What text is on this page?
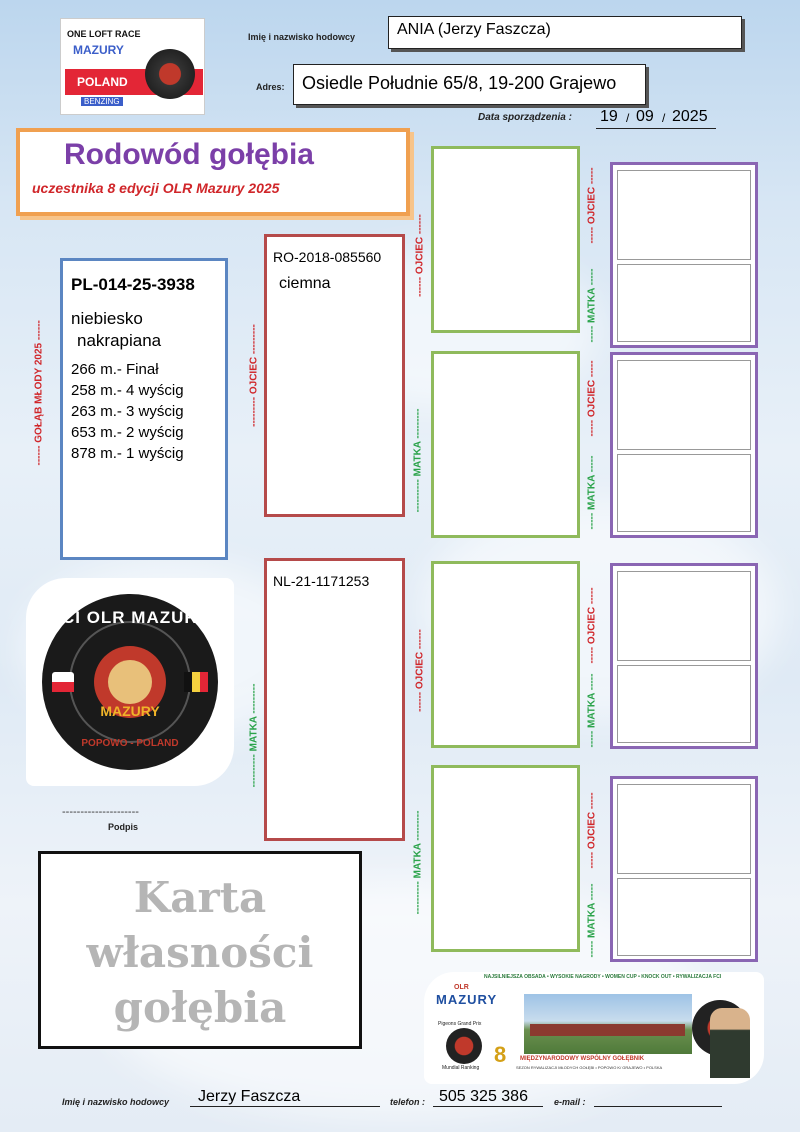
ONE LOFT RACE
MAZURY
POLAND
BENZING
Imię i nazwisko hodowcy	ANIA (Jerzy Faszcza)
Adres: Osiedle Południe 65/8, 19-200 Grajewo
Data sporządzenia : 19 / 09 / 2025
Rodowód gołębia
uczestnika 8 edycji OLR Mazury 2025
------ GOŁĄB MŁODY 2025 ------
PL-014-25-3938
niebiesko
nakrapiana
266 m.- Finał
258 m.- 4 wyścig
263 m.- 3 wyścig
653 m.- 2 wyścig
878 m.- 1 wyścig
--------- OJCIEC ---------
RO-2018-085560
ciemna
---------- MATKA ---------
NL-21-1171253
------ OJCIEC ------
---------- MATKA ---------
------ OJCIEC ------
---------- MATKA ---------
----- OJCIEC -----
----- MATKA -----
----- OJCIEC -----
----- MATKA -----
----- OJCIEC -----
----- MATKA -----
----- OJCIEC -----
----- MATKA -----
FCI OLR MAZURY
MAZURY
POPOWO - POLAND
---------------------
Podpis
Karta
własności
gołębia
NAJSILNIEJSZA OBSADA • WYSOKIE NAGRODY • WOMEN CUP • KNOCK OUT • RYWALIZACJA FCI
OLR
MAZURY
Pigeons Grand Prix
Mundial Ranking
8 MIĘDZYNARODOWY WSPÓLNY GOŁĘBNIK
SEZON RYWALIZACJI MŁODYCH GOŁĘBI • POPOWO K/ GRAJEWO • POLSKA
Imię i nazwisko hodowcy	Jerzy Faszcza	telefon : 505 325 386	e-mail :
